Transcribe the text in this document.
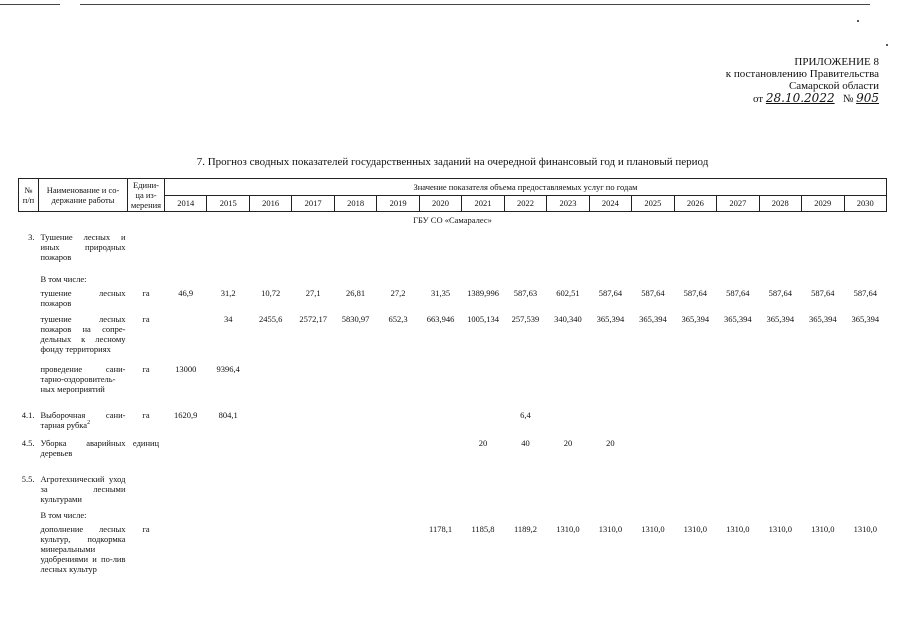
ПРИЛОЖЕНИЕ 8
к постановлению Правительства
Самарской области
от 28.10.2022 № 905
7. Прогноз сводных показателей государственных заданий на очередной финансовый год и плановый период
№ п/п	Наименование и со-держание работы	Едини-ца из-мерения	Значение показателя объема предоставляемых услуг по годам																
			2014	2015	2016	2017	2018	2019	2020	2021	2022	2023	2024	2025	2026	2027	2028	2029	2030
ГБУ СО «Самаралес»																			
3.	Тушение лесных и иных природных пожаров																		
	В том числе:																		
	тушение лесных пожаров	га	46,9	31,2	10,72	27,1	26,81	27,2	31,35	1389,996	587,63	602,51	587,64	587,64	587,64	587,64	587,64	587,64	587,64
	тушение лесных пожаров на сопре-дельных к лесному фонду территориях	га		34	2455,6	2572,17	5830,97	652,3	663,946	1005,134	257,539	340,340	365,394	365,394	365,394	365,394	365,394	365,394	365,394
	проведение сани-тарно-оздоровитель-ных мероприятий	га	13000	9396,4															
4.1.	Выборочная сани-тарная рубка$^2$	га	1620,9	804,1							6,4								
4.5.	Уборка аварийных деревьев	единиц								20	40	20	20						
5.5.	Агротехнический уход за лесными культурами																		
	В том числе:																		
	дополнение лесных культур, подкормка минеральными удобрениями и по-лив лесных культур	га							1178,1	1185,8	1189,2	1310,0	1310,0	1310,0	1310,0	1310,0	1310,0	1310,0	1310,0
